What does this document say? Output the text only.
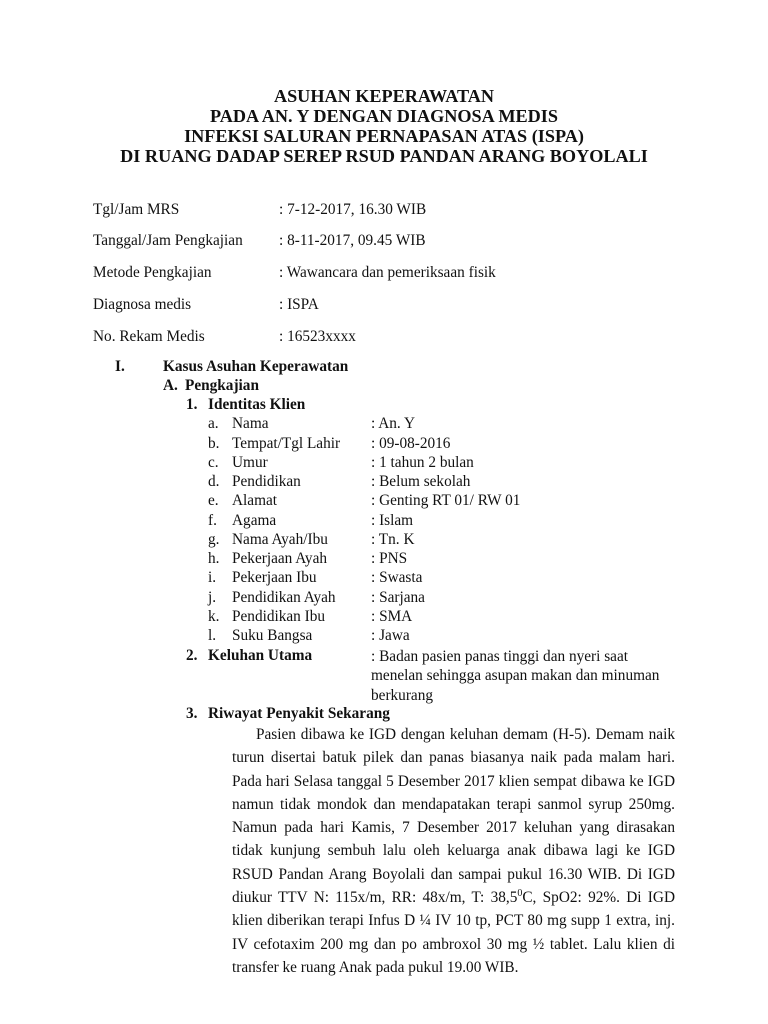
ASUHAN KEPERAWATAN
PADA AN. Y DENGAN DIAGNOSA MEDIS
INFEKSI SALURAN PERNAPASAN ATAS (ISPA)
DI RUANG DADAP SEREP RSUD PANDAN ARANG BOYOLALI
Tgl/Jam MRS	: 7-12-2017, 16.30 WIB
Tanggal/Jam Pengkajian : 8-11-2017, 09.45 WIB
Metode Pengkajian	: Wawancara dan pemeriksaan fisik
Diagnosa medis	: ISPA
No. Rekam Medis	: 16523xxxx
I. Kasus Asuhan Keperawatan
A. Pengkajian
1. Identitas Klien
a. Nama	: An. Y
b. Tempat/Tgl Lahir : 09-08-2016
c. Umur	: 1 tahun 2 bulan
d. Pendidikan	: Belum sekolah
e. Alamat	: Genting RT 01/ RW 01
f. Agama	: Islam
g. Nama Ayah/Ibu	: Tn. K
h. Pekerjaan Ayah	: PNS
i. Pekerjaan Ibu	: Swasta
j. Pendidikan Ayah : Sarjana
k. Pendidikan Ibu	: SMA
l. Suku Bangsa	: Jawa
2. Keluhan Utama	: Badan pasien panas tinggi dan nyeri saat menelan sehingga asupan makan dan minuman berkurang
3. Riwayat Penyakit Sekarang
Pasien dibawa ke IGD dengan keluhan demam (H-5). Demam naik turun disertai batuk pilek dan panas biasanya naik pada malam hari. Pada hari Selasa tanggal 5 Desember 2017 klien sempat dibawa ke IGD namun tidak mondok dan mendapatakan terapi sanmol syrup 250mg. Namun pada hari Kamis, 7 Desember 2017 keluhan yang dirasakan tidak kunjung sembuh lalu oleh keluarga anak dibawa lagi ke IGD RSUD Pandan Arang Boyolali dan sampai pukul 16.30 WIB. Di IGD diukur TTV N: 115x/m, RR: 48x/m, T: 38,5$^0$C, SpO2: 92%. Di IGD klien diberikan terapi Infus D ¼ IV 10 tp, PCT 80 mg supp 1 extra, inj. IV cefotaxim 200 mg dan po ambroxol 30 mg ½ tablet. Lalu klien di transfer ke ruang Anak pada pukul 19.00 WIB.
